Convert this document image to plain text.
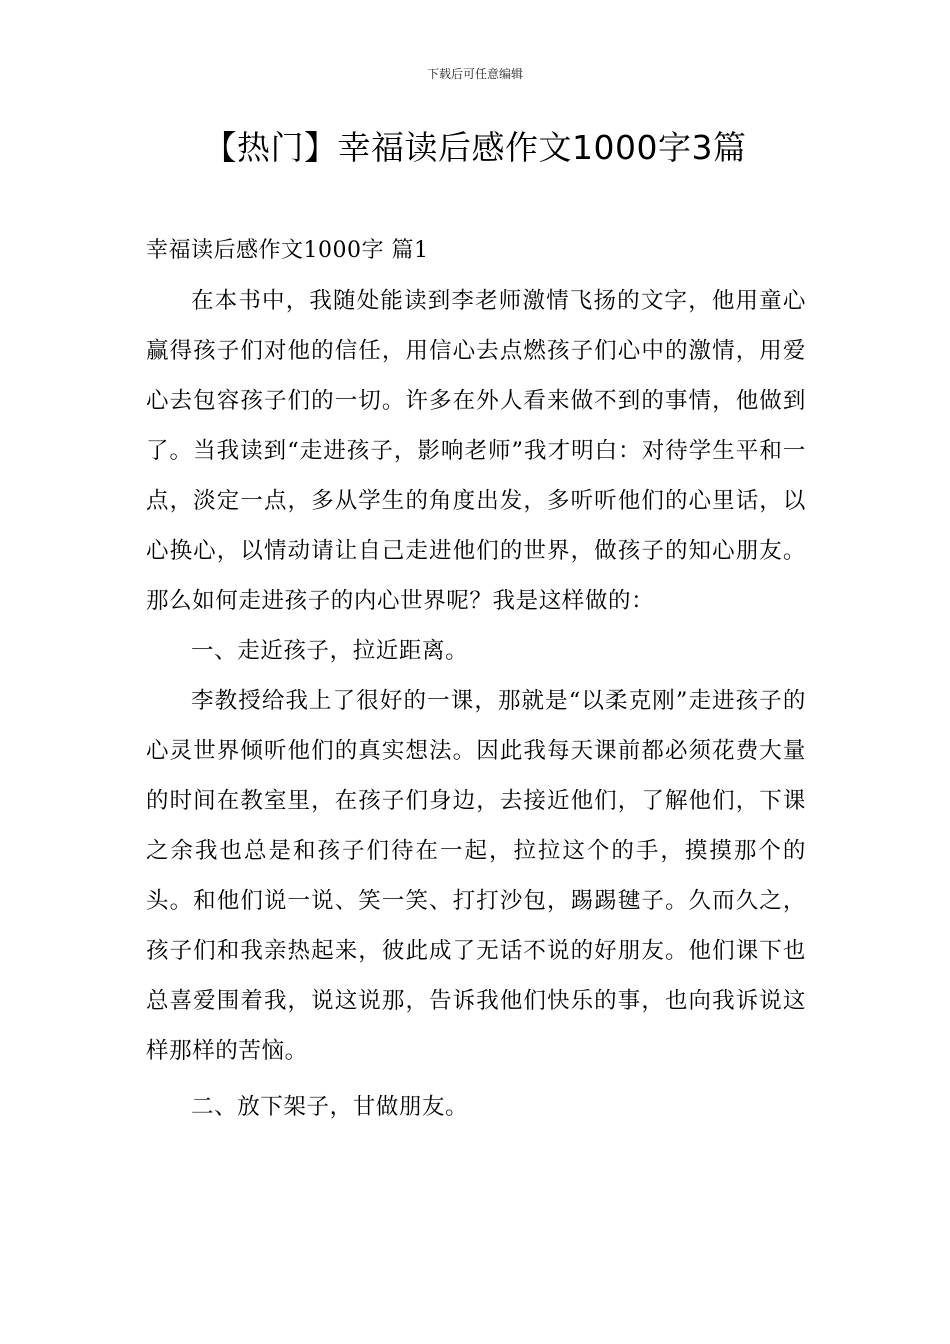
下载后可任意编辑
【热门】幸福读后感作文1000字3篇

幸福读后感作文1000字 篇1

在本书中，我随处能读到李老师激情飞扬的文字，他用童心赢得孩子们对他的信任，用信心去点燃孩子们心中的激情，用爱心去包容孩子们的一切。许多在外人看来做不到的事情，他做到了。当我读到“走进孩子，影响老师”我才明白：对待学生平和一点，淡定一点，多从学生的角度出发，多听听他们的心里话，以心换心，以情动请让自己走进他们的世界，做孩子的知心朋友。那么如何走进孩子的内心世界呢？我是这样做的：

一、走近孩子，拉近距离。

李教授给我上了很好的一课，那就是“以柔克刚”走进孩子的心灵世界倾听他们的真实想法。因此我每天课前都必须花费大量的时间在教室里，在孩子们身边，去接近他们，了解他们，下课之余我也总是和孩子们待在一起，拉拉这个的手，摸摸那个的头。和他们说一说、笑一笑、打打沙包，踢踢毽子。久而久之，孩子们和我亲热起来，彼此成了无话不说的好朋友。他们课下也总喜爱围着我，说这说那，告诉我他们快乐的事，也向我诉说这样那样的苦恼。

二、放下架子，甘做朋友。
